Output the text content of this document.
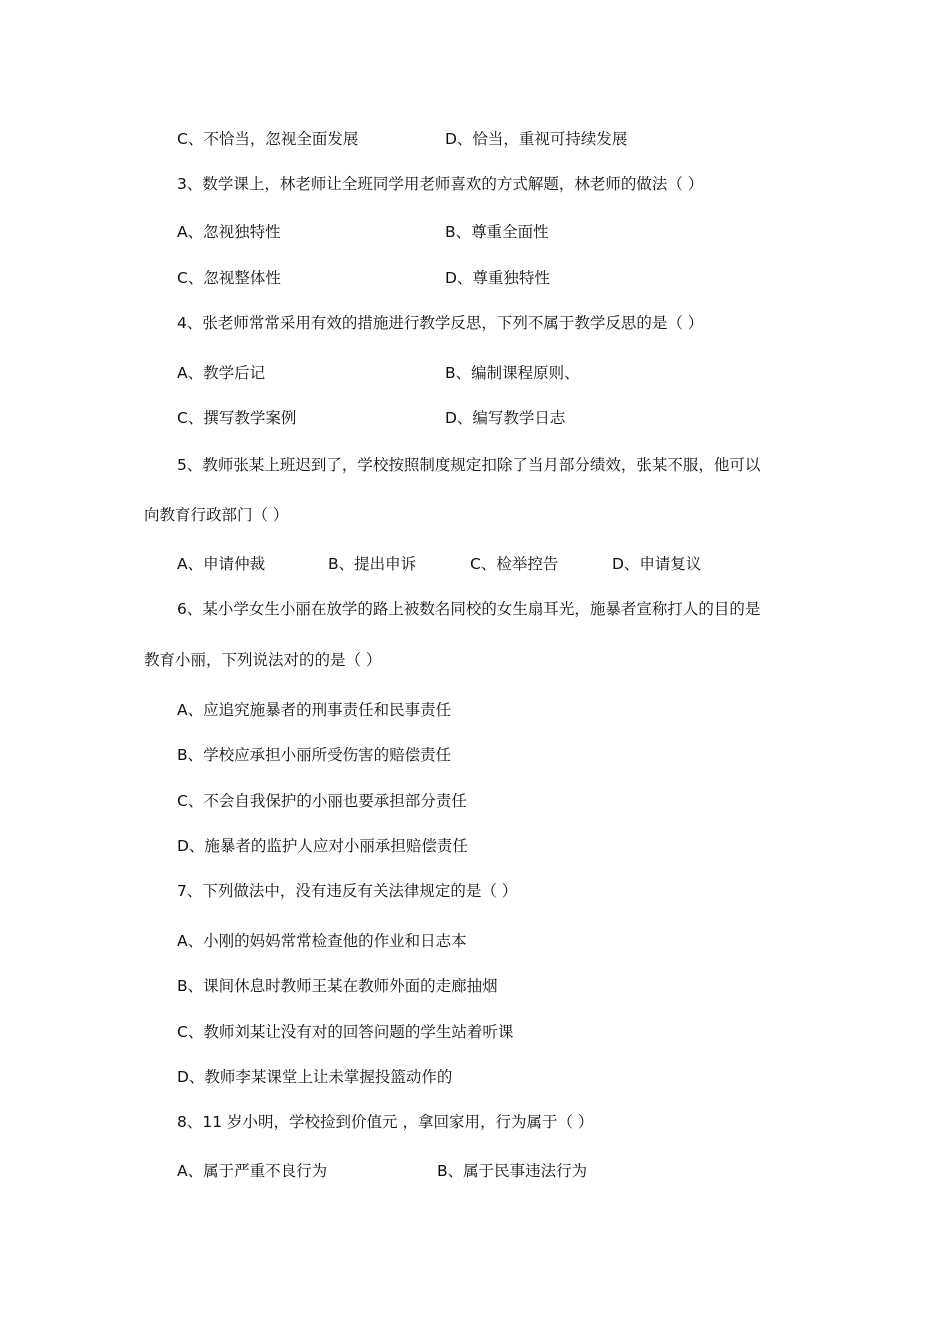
C、不恰当，忽视全面发展	D、恰当，重视可持续发展
3、数学课上，林老师让全班同学用老师喜欢的方式解题，林老师的做法（ ）
A、忽视独特性	B、尊重全面性
C、忽视整体性	D、尊重独特性
4、张老师常常采用有效的措施进行教学反思，下列不属于教学反思的是（ ）
A、教学后记	B、编制课程原则、
C、撰写教学案例	D、编写教学日志
5、教师张某上班迟到了，学校按照制度规定扣除了当月部分绩效，张某不服，他可以
向教育行政部门（ ）
A、申请仲裁	B、提出申诉	C、检举控告	D、申请复议
6、某小学女生小丽在放学的路上被数名同校的女生扇耳光，施暴者宣称打人的目的是
教育小丽，下列说法对的的是（ ）
A、应追究施暴者的刑事责任和民事责任
B、学校应承担小丽所受伤害的赔偿责任
C、不会自我保护的小丽也要承担部分责任
D、施暴者的监护人应对小丽承担赔偿责任
7、下列做法中，没有违反有关法律规定的是（ ）
A、小刚的妈妈常常检查他的作业和日志本
B、课间休息时教师王某在教师外面的走廊抽烟
C、教师刘某让没有对的回答问题的学生站着听课
D、教师李某课堂上让未掌握投篮动作的
8、11 岁小明，学校捡到价值元 ，拿回家用，行为属于（ ）
A、属于严重不良行为	B、属于民事违法行为
